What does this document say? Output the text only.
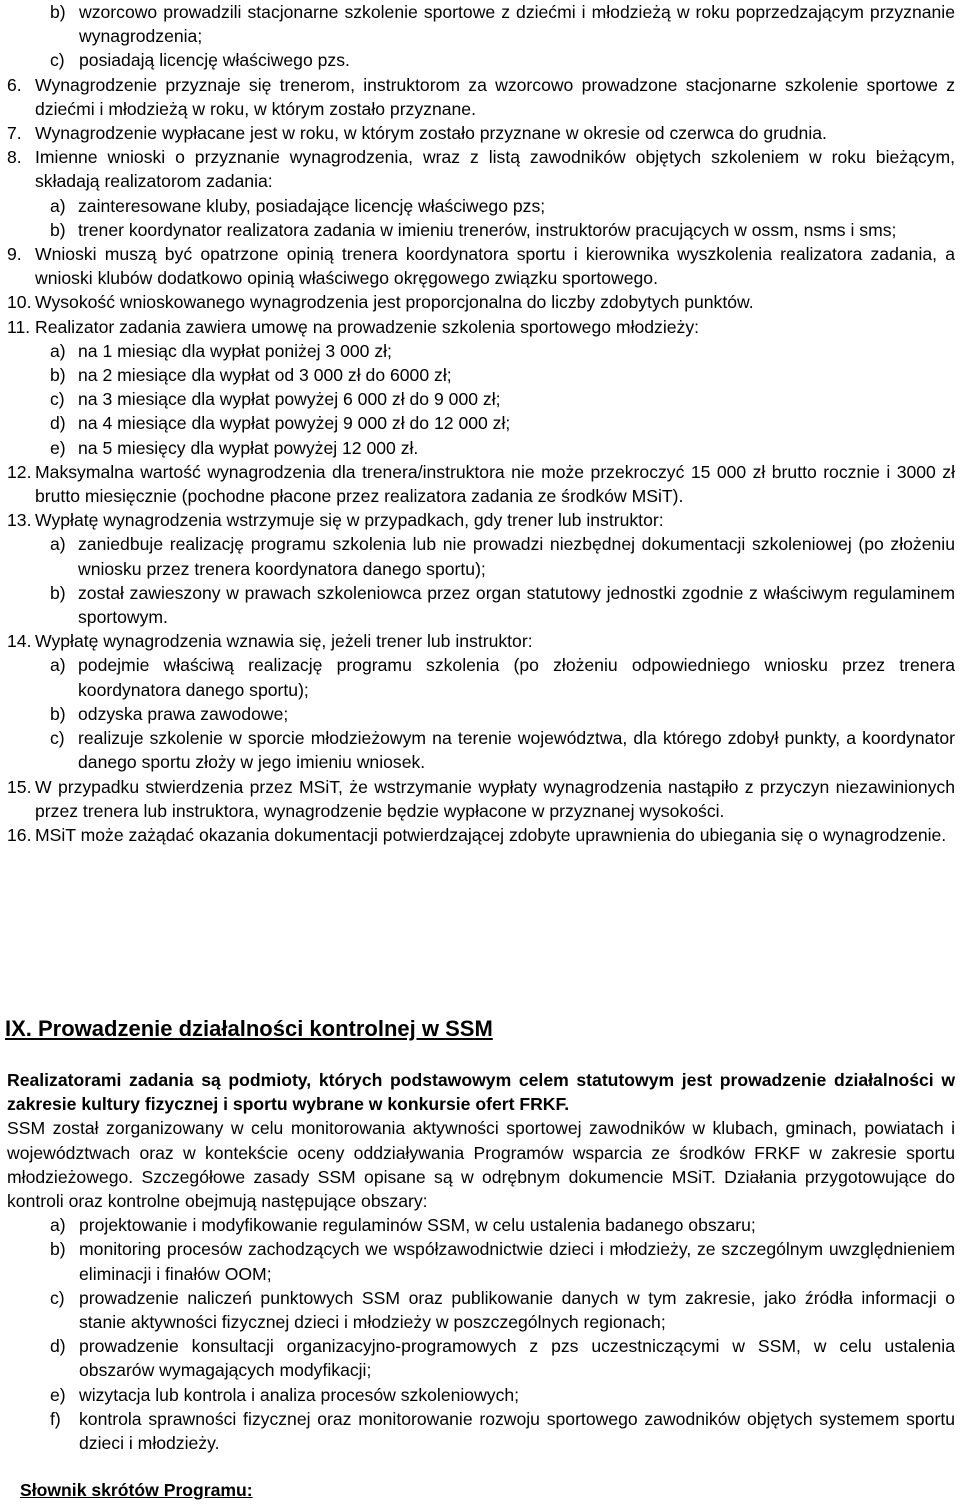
b) wzorcowo prowadzili stacjonarne szkolenie sportowe z dziećmi i młodzieżą w roku poprzedzającym przyznanie wynagrodzenia;
c) posiadają licencję właściwego pzs.
6. Wynagrodzenie przyznaje się trenerom, instruktorom za wzorcowo prowadzone stacjonarne szkolenie sportowe z dziećmi i młodzieżą w roku, w którym zostało przyznane.
7. Wynagrodzenie wypłacane jest w roku, w którym zostało przyznane w okresie od czerwca do grudnia.
8. Imienne wnioski o przyznanie wynagrodzenia, wraz z listą zawodników objętych szkoleniem w roku bieżącym, składają realizatorom zadania:
a) zainteresowane kluby, posiadające licencję właściwego pzs;
b) trener koordynator realizatora zadania w imieniu trenerów, instruktorów pracujących w ossm, nsms i sms;
9. Wnioski muszą być opatrzone opinią trenera koordynatora sportu i kierownika wyszkolenia realizatora zadania, a wnioski klubów dodatkowo opinią właściwego okręgowego związku sportowego.
10. Wysokość wnioskowanego wynagrodzenia jest proporcjonalna do liczby zdobytych punktów.
11. Realizator zadania zawiera umowę na prowadzenie szkolenia sportowego młodzieży:
a) na 1 miesiąc dla wypłat poniżej 3 000 zł;
b) na 2 miesiące dla wypłat od 3 000 zł do 6000 zł;
c) na 3 miesiące dla wypłat powyżej 6 000 zł do 9 000 zł;
d) na 4 miesiące dla wypłat powyżej 9 000 zł do 12 000 zł;
e) na 5 miesięcy dla wypłat powyżej 12 000 zł.
12. Maksymalna wartość wynagrodzenia dla trenera/instruktora nie może przekroczyć 15 000 zł brutto rocznie i 3000 zł brutto miesięcznie (pochodne płacone przez realizatora zadania ze środków MSiT).
13. Wypłatę wynagrodzenia wstrzymuje się w przypadkach, gdy trener lub instruktor:
a) zaniedbuje realizację programu szkolenia lub nie prowadzi niezbędnej dokumentacji szkoleniowej (po złożeniu wniosku przez trenera koordynatora danego sportu);
b) został zawieszony w prawach szkoleniowca przez organ statutowy jednostki zgodnie z właściwym regulaminem sportowym.
14. Wypłatę wynagrodzenia wznawia się, jeżeli trener lub instruktor:
a) podejmie właściwą realizację programu szkolenia (po złożeniu odpowiedniego wniosku przez trenera koordynatora danego sportu);
b) odzyska prawa zawodowe;
c) realizuje szkolenie w sporcie młodzieżowym na terenie województwa, dla którego zdobył punkty, a koordynator danego sportu złoży w jego imieniu wniosek.
15. W przypadku stwierdzenia przez MSiT, że wstrzymanie wypłaty wynagrodzenia nastąpiło z przyczyn niezawinionych przez trenera lub instruktora, wynagrodzenie będzie wypłacone w przyznanej wysokości.
16. MSiT może zażądać okazania dokumentacji potwierdzającej zdobyte uprawnienia do ubiegania się o wynagrodzenie.
IX. Prowadzenie działalności kontrolnej w SSM

Realizatorami zadania są podmioty, których podstawowym celem statutowym jest prowadzenie działalności w zakresie kultury fizycznej i sportu wybrane w konkursie ofert FRKF.

SSM został zorganizowany w celu monitorowania aktywności sportowej zawodników w klubach, gminach, powiatach i województwach oraz w kontekście oceny oddziaływania Programów wsparcia ze środków FRKF w zakresie sportu młodzieżowego. Szczegółowe zasady SSM opisane są w odrębnym dokumencie MSiT. Działania przygotowujące do kontroli oraz kontrolne obejmują następujące obszary:

a) projektowanie i modyfikowanie regulaminów SSM, w celu ustalenia badanego obszaru;
b) monitoring procesów zachodzących we współzawodnictwie dzieci i młodzieży, ze szczególnym uwzględnieniem eliminacji i finałów OOM;
c) prowadzenie naliczeń punktowych SSM oraz publikowanie danych w tym zakresie, jako źródła informacji o stanie aktywności fizycznej dzieci i młodzieży w poszczególnych regionach;
d) prowadzenie konsultacji organizacyjno-programowych z pzs uczestniczącymi w SSM, w celu ustalenia obszarów wymagających modyfikacji;
e) wizytacja lub kontrola i analiza procesów szkoleniowych;
f) kontrola sprawności fizycznej oraz monitorowanie rozwoju sportowego zawodników objętych systemem sportu dzieci i młodzieży.
Słownik skrótów Programu:
